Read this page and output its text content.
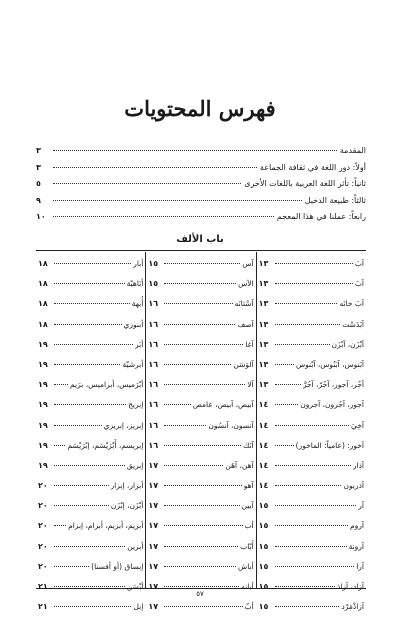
فهرس المحتويات
المقدمة
٣
أولاً: دور اللغة في ثقافة الجماعة
٣
ثانياً: تأثر اللغة العربية باللغات الأخرى
٥
ثالثاً: طبيعة الدخيل
٩
رابعاً: عملنا في هذا المعجم
١٠
باب الألف
آبَ
١٣
آبَ
١٣
آبَ خانَه
١٣
آبَدَسْت
١٣
آبْزَن، آبْزَن
١٣
آبَنوس، آبَنُوس، آبْنوس
١٣
آجُر، آجور، آجُرّ، آجُرَّ
١٣
آجور، آجُرون، آجرون
١٤
آخِيَ
١٤
آخور: (عامياً: الماخور)
١٤
آذار
١٤
آذريون
١٤
آر
١٥
آروم
١٥
آرونة
١٥
آرا
١٥
آزاد، آزاذ
١٥
آزاذْمَرْد
١٥
آس
١٥
الآس
١٥
آسْتانَه
١٦
آصف
١٦
آغا
١٦
آلوَسَن
١٦
آلا
١٦
آبيض، آبيص، عامص
١٦
آنسون، آنسُون
١٦
آنَك
١٦
آهن، آهَن
١٧
آهو
١٧
آيين
١٧
أب
١٧
أَبّاب
١٧
أباش
١٧
أبانه
١٧
أبٌ
١٧
أبار
١٨
أبَاهيّة
١٨
أُبهة
١٨
أبنوزي
١٨
أبَر
١٩
أبرشيّة
١٩
أبْرَميس، أبراميس، برَيم
١٩
إبريج
١٩
إبريز، إبريزي
١٩
إبريسم، أَبْرَيْسَم، إبْرَيْسَم
١٩
إبريق
١٩
أبزار، إبزار
٢٠
أبْزَن، إبْزَن
٢٠
أبزيم، أبزيم، أبزام، إبزام
٢٠
أبزين
٢٠
إبساق (أو أفسنا)
٢٠
أبْسَن
٢١
إبل
٢١
٥٧
